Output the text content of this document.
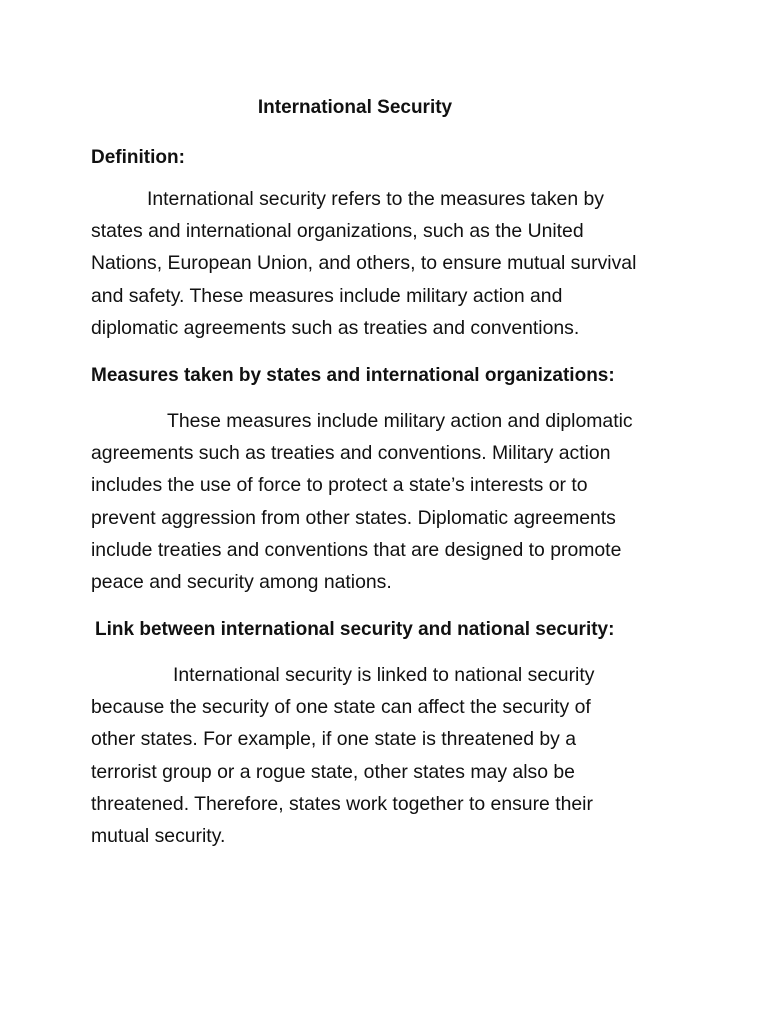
International Security
Definition:
International security refers to the measures taken by
states and international organizations, such as the United
Nations, European Union, and others, to ensure mutual survival
and safety. These measures include military action and
diplomatic agreements such as treaties and conventions.
Measures taken by states and international organizations:
These measures include military action and diplomatic
agreements such as treaties and conventions. Military action
includes the use of force to protect a state’s interests or to
prevent aggression from other states. Diplomatic agreements
include treaties and conventions that are designed to promote
peace and security among nations.
Link between international security and national security:
International security is linked to national security
because the security of one state can affect the security of
other states. For example, if one state is threatened by a
terrorist group or a rogue state, other states may also be
threatened. Therefore, states work together to ensure their
mutual security.
